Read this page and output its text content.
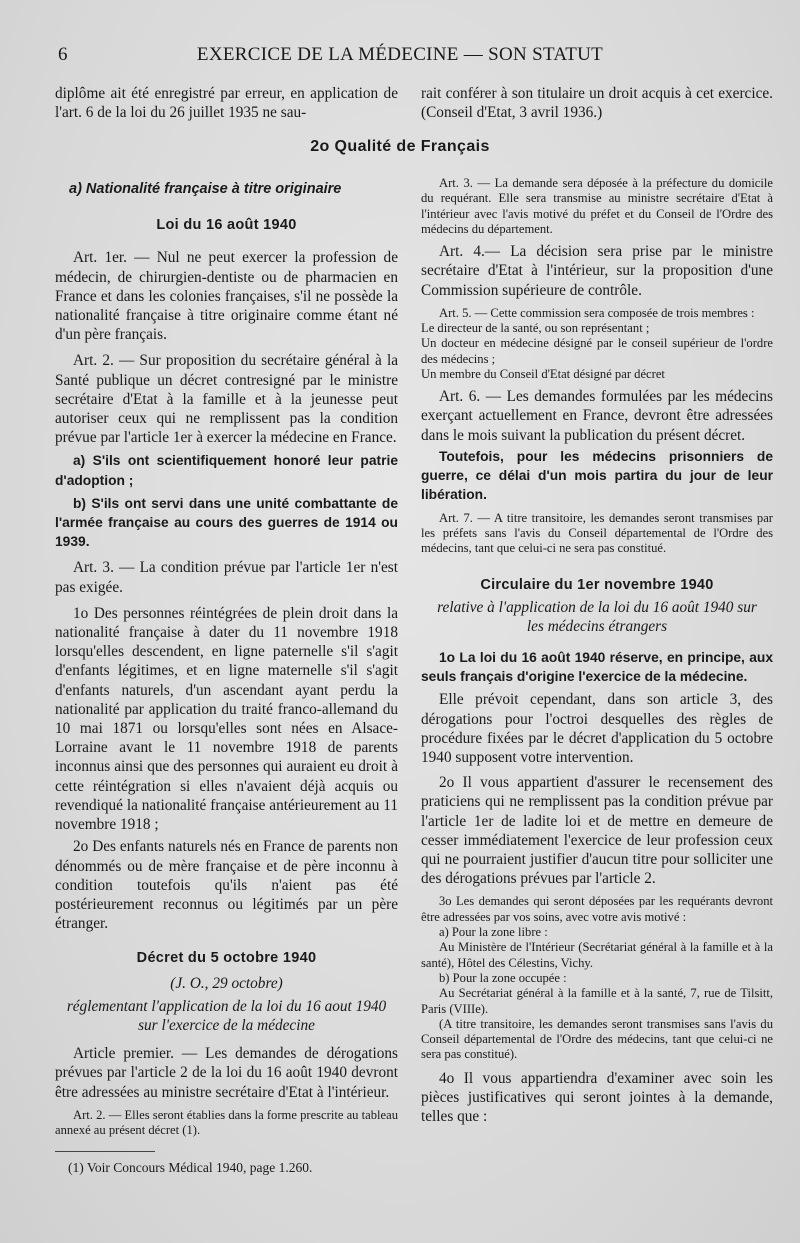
6	EXERCICE DE LA MÉDECINE — SON STATUT

diplôme ait été enregistré par erreur, en application de l'art. 6 de la loi du 26 juillet 1935 ne sau-

rait conférer à son titulaire un droit acquis à cet exercice. (Conseil d'Etat, 3 avril 1936.)

2o Qualité de Français

a) Nationalité française à titre originaire

Loi du 16 août 1940

Art. 1er. — Nul ne peut exercer la profession de médecin, de chirurgien-dentiste ou de pharmacien en France et dans les colonies françaises, s'il ne possède la nationalité française à titre originaire comme étant né d'un père français.

Art. 2. — Sur proposition du secrétaire général à la Santé publique un décret contresigné par le ministre secrétaire d'Etat à la famille et à la jeunesse peut autoriser ceux qui ne remplissent pas la condition prévue par l'article 1er à exercer la médecine en France.

a) S'ils ont scientifiquement honoré leur patrie d'adoption ;

b) S'ils ont servi dans une unité combattante de l'armée française au cours des guerres de 1914 ou 1939.

Art. 3. — La condition prévue par l'article 1er n'est pas exigée.

1o Des personnes réintégrées de plein droit dans la nationalité française à dater du 11 novembre 1918 lorsqu'elles descendent, en ligne paternelle s'il s'agit d'enfants légitimes, et en ligne maternelle s'il s'agit d'enfants naturels, d'un ascendant ayant perdu la nationalité par application du traité franco-allemand du 10 mai 1871 ou lorsqu'elles sont nées en Alsace-Lorraine avant le 11 novembre 1918 de parents inconnus ainsi que des personnes qui auraient eu droit à cette réintégration si elles n'avaient déjà acquis ou revendiqué la nationalité française antérieurement au 11 novembre 1918 ;

2o Des enfants naturels nés en France de parents non dénommés ou de mère française et de père inconnu à condition toutefois qu'ils n'aient pas été postérieurement reconnus ou légitimés par un père étranger.

Décret du 5 octobre 1940

(J. O., 29 octobre)

réglementant l'application de la loi du 16 aout 1940 sur l'exercice de la médecine

Article premier. — Les demandes de dérogations prévues par l'article 2 de la loi du 16 août 1940 devront être adressées au ministre secrétaire d'Etat à l'intérieur.

Art. 2. — Elles seront établies dans la forme prescrite au tableau annexé au présent décret (1).

(1) Voir Concours Médical 1940, page 1.260.

Art. 3. — La demande sera déposée à la préfecture du domicile du requérant. Elle sera transmise au ministre secrétaire d'Etat à l'intérieur avec l'avis motivé du préfet et du Conseil de l'Ordre des médecins du département.

Art. 4.— La décision sera prise par le ministre secrétaire d'Etat à l'intérieur, sur la proposition d'une Commission supérieure de contrôle.

Art. 5. — Cette commission sera composée de trois membres :

Le directeur de la santé, ou son représentant ;

Un docteur en médecine désigné par le conseil supérieur de l'ordre des médecins ;

Un membre du Conseil d'Etat désigné par décret

Art. 6. — Les demandes formulées par les médecins exerçant actuellement en France, devront être adressées dans le mois suivant la publication du présent décret.

Toutefois, pour les médecins prisonniers de guerre, ce délai d'un mois partira du jour de leur libération.

Art. 7. — A titre transitoire, les demandes seront transmises par les préfets sans l'avis du Conseil départemental de l'Ordre des médecins, tant que celui-ci ne sera pas constitué.

Circulaire du 1er novembre 1940

relative à l'application de la loi du 16 août 1940 sur les médecins étrangers

1o La loi du 16 août 1940 réserve, en principe, aux seuls français d'origine l'exercice de la médecine.

Elle prévoit cependant, dans son article 3, des dérogations pour l'octroi desquelles des règles de procédure fixées par le décret d'application du 5 octobre 1940 supposent votre intervention.

2o Il vous appartient d'assurer le recensement des praticiens qui ne remplissent pas la condition prévue par l'article 1er de ladite loi et de mettre en demeure de cesser immédiatement l'exercice de leur profession ceux qui ne pourraient justifier d'aucun titre pour solliciter une des dérogations prévues par l'article 2.

3o Les demandes qui seront déposées par les requérants devront être adressées par vos soins, avec votre avis motivé :

a) Pour la zone libre :

Au Ministère de l'Intérieur (Secrétariat général à la famille et à la santé), Hôtel des Célestins, Vichy.

b) Pour la zone occupée :

Au Secrétariat général à la famille et à la santé, 7, rue de Tilsitt, Paris (VIIIe).

(A titre transitoire, les demandes seront transmises sans l'avis du Conseil départemental de l'Ordre des médecins, tant que celui-ci ne sera pas constitué).

4o Il vous appartiendra d'examiner avec soin les pièces justificatives qui seront jointes à la demande, telles que :
